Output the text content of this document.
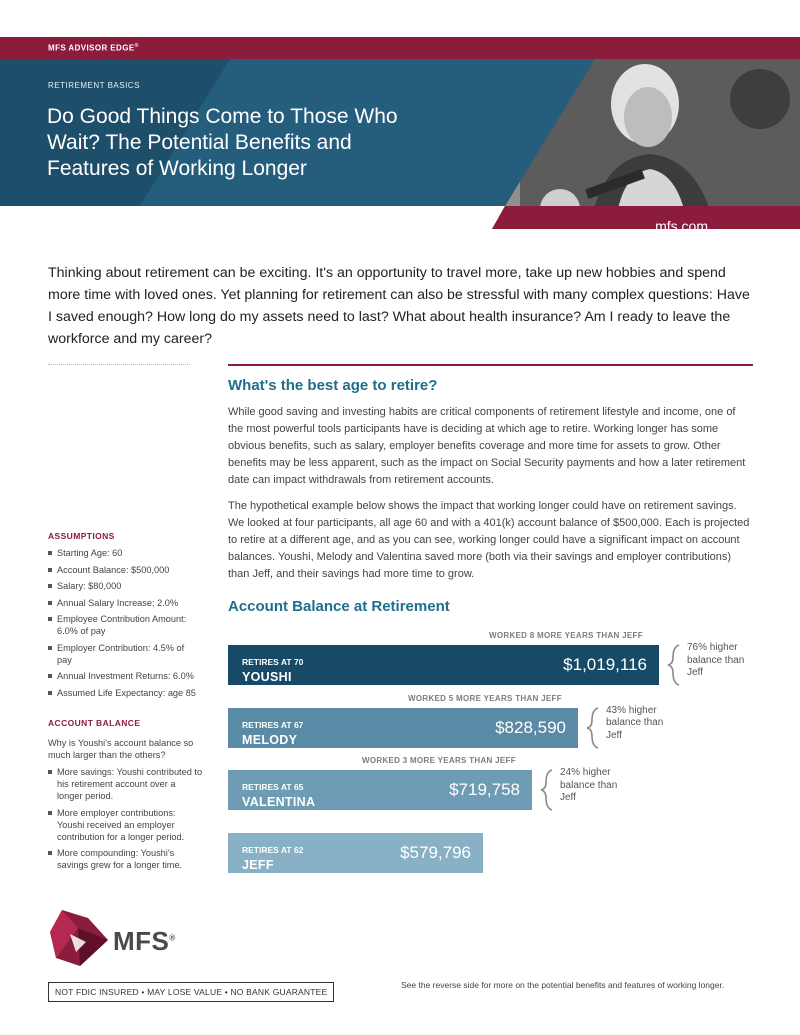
MFS ADVISOR EDGE®
RETIREMENT BASICS
Do Good Things Come to Those Who Wait? The Potential Benefits and Features of Working Longer
mfs.com

Thinking about retirement can be exciting. It's an opportunity to travel more, take up new hobbies and spend more time with loved ones. Yet planning for retirement can also be stressful with many complex questions: Have I saved enough? How long do my assets need to last? What about health insurance? Am I ready to leave the workforce and my career?

What's the best age to retire?

While good saving and investing habits are critical components of retirement lifestyle and income, one of the most powerful tools participants have is deciding at which age to retire. Working longer has some obvious benefits, such as salary, employer benefits coverage and more time for assets to grow. Other benefits may be less apparent, such as the impact on Social Security payments and how a later retirement date can impact withdrawals from retirement accounts.

The hypothetical example below shows the impact that working longer could have on retirement savings. We looked at four participants, all age 60 and with a 401(k) account balance of $500,000. Each is projected to retire at a different age, and as you can see, working longer could have a significant impact on account balances. Youshi, Melody and Valentina saved more (both via their savings and employer contributions) than Jeff, and their savings had more time to grow.

ASSUMPTIONS
Starting Age: 60
Account Balance: $500,000
Salary: $80,000
Annual Salary Increase; 2.0%
Employee Contribution Amount: 6.0% of pay
Employer Contribution: 4.5% of pay
Annual Investment Returns: 6.0%
Assumed Life Expectancy: age 85
ACCOUNT BALANCE

Why is Youshi's account balance so much larger than the others?

More savings: Youshi contributed to his retirement account over a longer period.
More employer contributions: Youshi received an employer contribution for a longer period.
More compounding: Youshi's savings grew for a longer time.
Account Balance at Retirement
WORKED 8 MORE YEARS THAN JEFF
RETIRES AT 70
YOUSHI
$1,019,116
76% higher balance than Jeff
WORKED 5 MORE YEARS THAN JEFF
RETIRES AT 67
MELODY
$828,590
43% higher balance than Jeff
WORKED 3 MORE YEARS THAN JEFF
RETIRES AT 65
VALENTINA
$719,758
24% higher balance than Jeff
RETIRES AT 62
JEFF
$579,796
MFS®
NOT FDIC INSURED • MAY LOSE VALUE • NO BANK GUARANTEE
See the reverse side for more on the potential benefits and features of working longer.
